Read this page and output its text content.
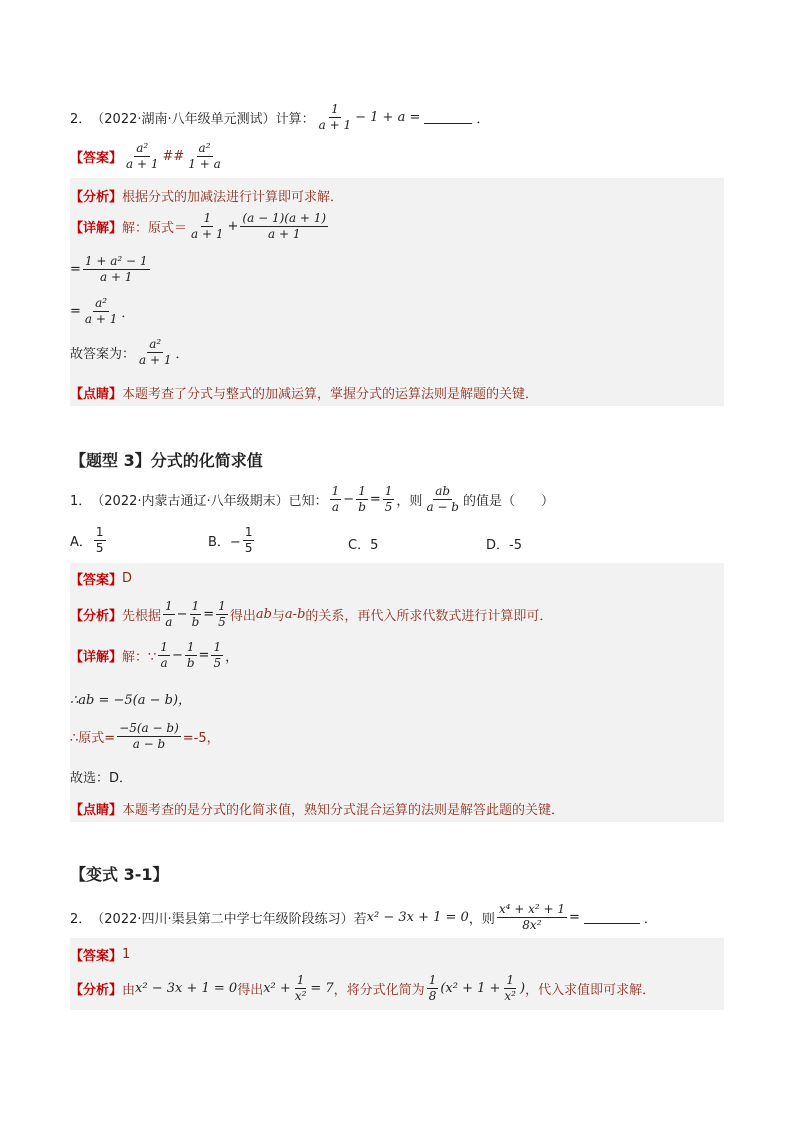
2． （2022·湖南·八年级单元测试）计算： $\frac{1}{a + 1} - 1 + a$ =	．
【答案】 $\frac{\text{a²}}{a + 1}$ ## $\frac{\text{a²}}{1 + a}$
【分析】 根据分式的加减法进行计算即可求解．
【详解】 解：原式＝ $\frac{1}{a + 1} + \frac{(a - 1)(a + 1)}{a + 1}$
= $\frac{\text{1 + a² − 1}}{a + 1}$
= $\frac{\text{a²}}{a + 1}$ ．
故答案为： $\frac{\text{a²}}{a + 1}$ ．
【点睛】 本题考查了分式与整式的加减运算，掌握分式的运算法则是解题的关键．
【题型 3】分式的化简求值
1． （2022·内蒙古通辽·八年级期末）已知： $\frac{1}{a} - \frac{1}{b} = \frac{1}{5}$ ，则 $\frac{ab}{a - b}$ 的值是（　　）
A． $\frac{1}{5}$	B．− $\frac{1}{5}$	C．5	D．-5
【答案】 D
【分析】 先根据 $\frac{1}{a} - \frac{1}{b} = \frac{1}{5}$ 得出 ab 与 a-b 的关系，再代入所求代数式进行计算即可．
【详解】 解：∵ $\frac{1}{a} - \frac{1}{b} = \frac{1}{5}$ ，
∴ab = −5(a − b)，
∴原式= $\frac{-5(a - b)}{a - b} =-5$，
故选：D．
【点睛】 本题考查的是分式的化简求值，熟知分式混合运算的法则是解答此题的关键．
【变式 3-1】
2． （2022·四川·渠县第二中学七年级阶段练习）若 x² − 3x + 1 = 0 ，则 $\frac{\text{x⁴ + x² + 1}}{\text{8x²}}$ =	．
【答案】 1
【分析】 由 x² − 3x + 1 = 0 得出 $x^2 + \frac{1}{\text{x²}} = 7$ ，将分式化简为 $\frac{1}{8} (x^2 + 1 + \frac{1}{\text{x²}}$ ) ，代入求值即可求解．
